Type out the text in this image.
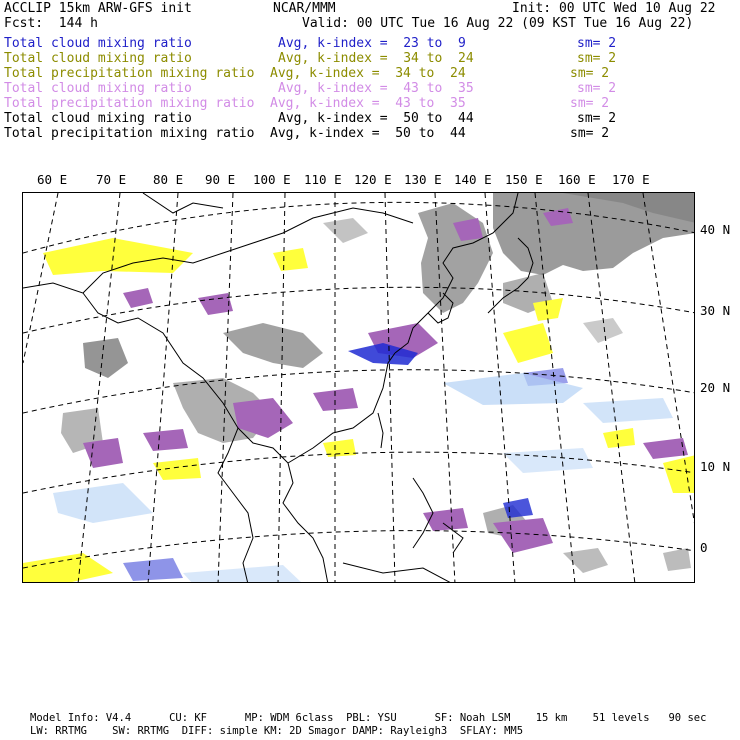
ACCLIP 15km ARW-GFS init	NCAR/MMM	Init: 00 UTC Wed 10 Aug 22
Fcst:  144 h	Valid: 00 UTC Tue 16 Aug 22 (09 KST Tue 16 Aug 22)
Total cloud mixing ratio	Avg, k-index =  23 to  9	sm= 2
Total cloud mixing ratio	Avg, k-index =  34 to  24	sm= 2
Total precipitation mixing ratio Avg, k-index =  34 to  24	sm= 2
Total cloud mixing ratio	Avg, k-index =  43 to  35	sm= 2
Total precipitation mixing ratio Avg, k-index =  43 to  35	sm= 2
Total cloud mixing ratio	Avg, k-index =  50 to  44	sm= 2
Total precipitation mixing ratio Avg, k-index =  50 to  44	sm= 2
60 E 70 E 80 E 90 E 100 E 110 E 120 E 130 E 140 E 150 E 160 E 170 E
40 N
30 N
20 N
10 N
0
Model Info: V4.4      CU: KF      MP: WDM 6class  PBL: YSU      SF: Noah LSM    15 km    51 levels   90 sec
LW: RRTMG    SW: RRTMG  DIFF: simple KM: 2D Smagor DAMP: Rayleigh3  SFLAY: MM5
